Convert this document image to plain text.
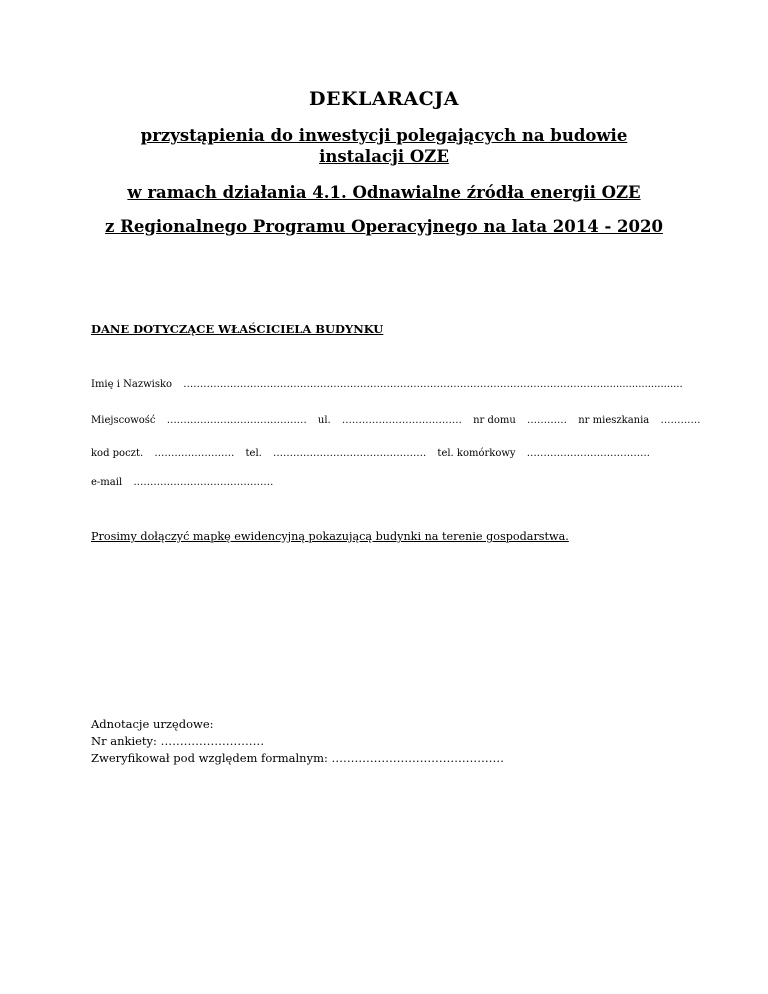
DEKLARACJA
przystąpienia do inwestycji polegających na budowie instalacji OZE
w ramach działania 4.1. Odnawialne źródła energii OZE
z Regionalnego Programu Operacyjnego na lata 2014 - 2020
DANE DOTYCZĄCE WŁAŚCICIELA BUDYNKU
Imię i Nazwisko ……………………………………………………………………………………………………………….........................
Miejscowość …………………………………… ul. ……………………………… nr domu ………… nr mieszkania …………
kod poczt. …………………… tel. ………………………………………. tel. komórkowy ……………………………….
e-mail ……………………………………
Prosimy dołączyć mapkę ewidencyjną pokazującą budynki na terenie gospodarstwa.
Adnotacje urzędowe:
Nr ankiety: ………………………
Zweryfikował pod względem formalnym: ………………………………………
